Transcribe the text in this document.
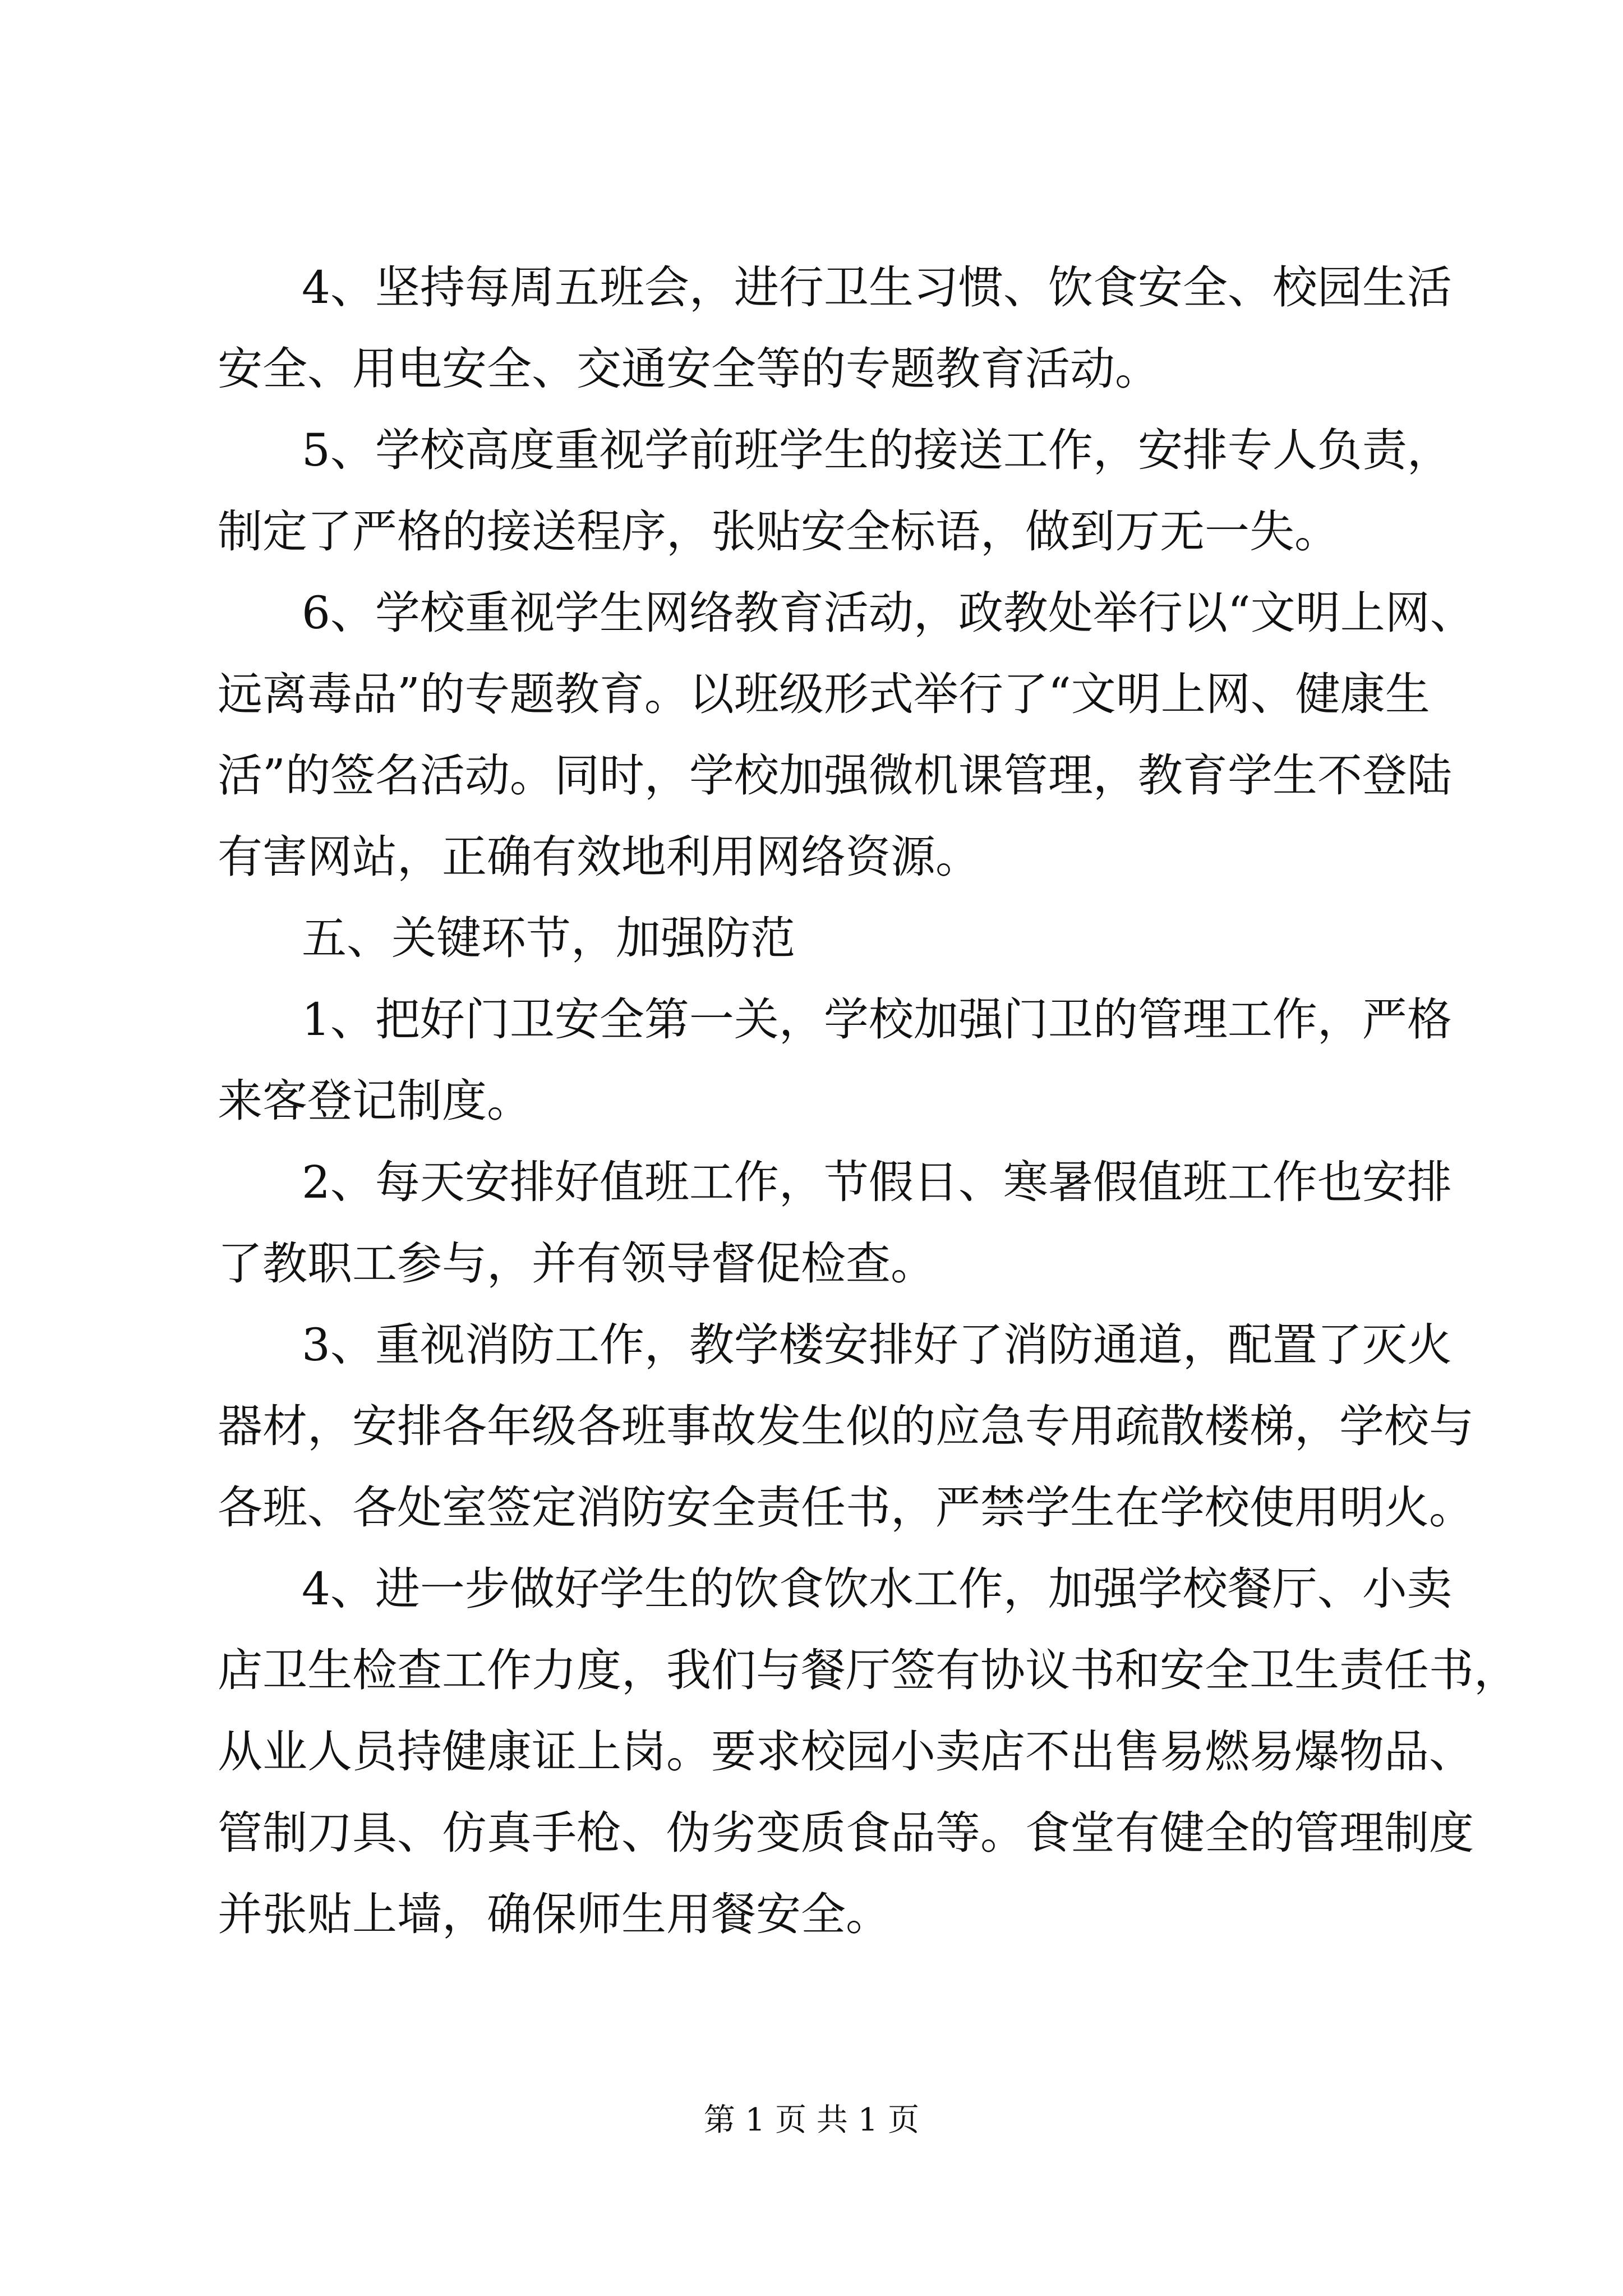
4、坚持每周五班会，进行卫生习惯、饮食安全、校园生活
安全、用电安全、交通安全等的专题教育活动。
5、学校高度重视学前班学生的接送工作，安排专人负责，
制定了严格的接送程序，张贴安全标语，做到万无一失。
6、学校重视学生网络教育活动，政教处举行以“文明上网、
远离毒品”的专题教育。以班级形式举行了“文明上网、健康生
活”的签名活动。同时，学校加强微机课管理，教育学生不登陆
有害网站，正确有效地利用网络资源。
五、关键环节，加强防范
1、把好门卫安全第一关，学校加强门卫的管理工作，严格
来客登记制度。
2、每天安排好值班工作，节假日、寒暑假值班工作也安排
了教职工参与，并有领导督促检查。
3、重视消防工作，教学楼安排好了消防通道，配置了灭火
器材，安排各年级各班事故发生似的应急专用疏散楼梯，学校与
各班、各处室签定消防安全责任书，严禁学生在学校使用明火。
4、进一步做好学生的饮食饮水工作，加强学校餐厅、小卖
店卫生检查工作力度，我们与餐厅签有协议书和安全卫生责任书，
从业人员持健康证上岗。要求校园小卖店不出售易燃易爆物品、
管制刀具、仿真手枪、伪劣变质食品等。食堂有健全的管理制度
并张贴上墙，确保师生用餐安全。
第 1 页 共 1 页
